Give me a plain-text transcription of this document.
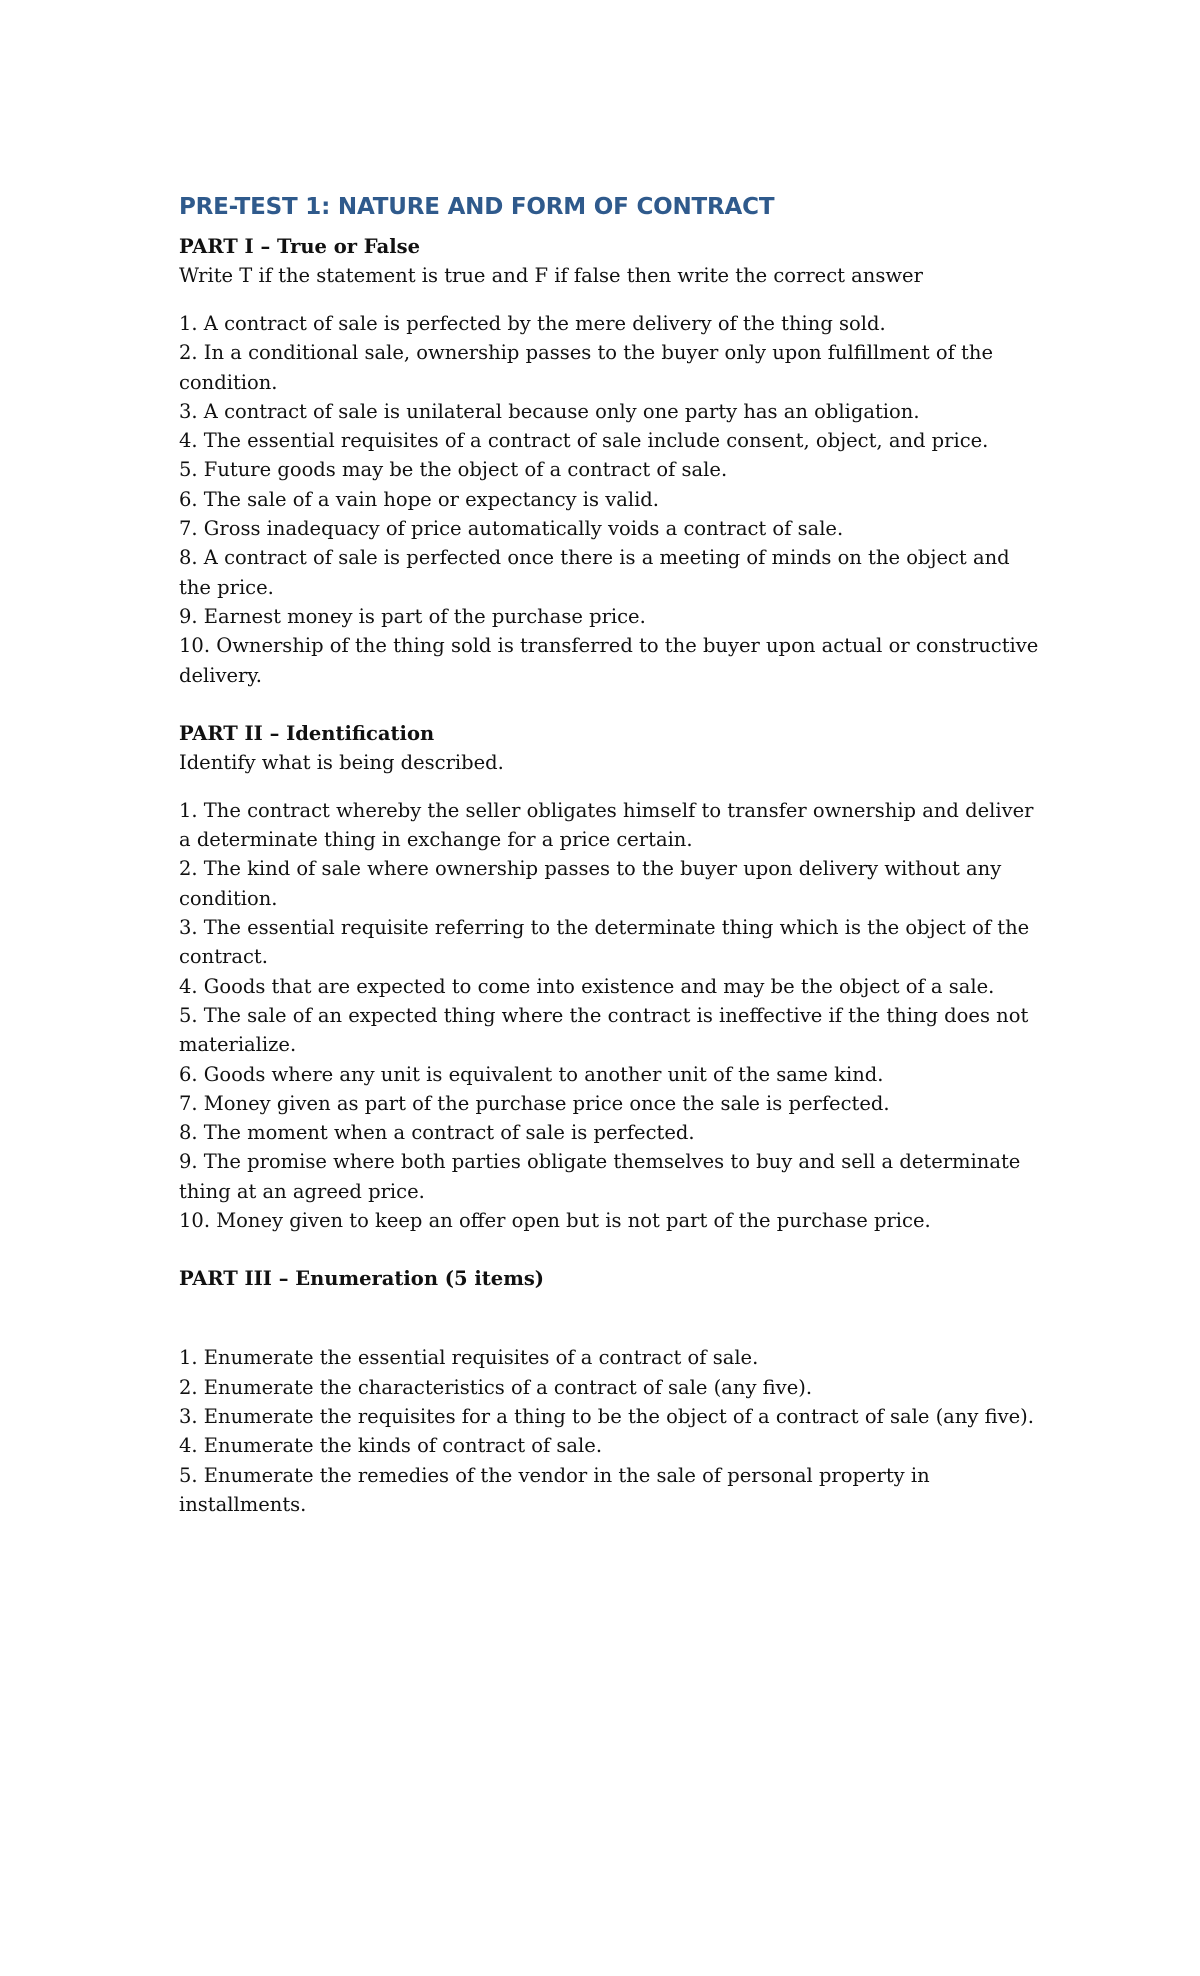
PRE-TEST 1: NATURE AND FORM OF CONTRACT

PART I – True or False

Write T if the statement is true and F if false then write the correct answer

1. A contract of sale is perfected by the mere delivery of the thing sold.
2. In a conditional sale, ownership passes to the buyer only upon fulfillment of the condition.
3. A contract of sale is unilateral because only one party has an obligation.
4. The essential requisites of a contract of sale include consent, object, and price.
5. Future goods may be the object of a contract of sale.
6. The sale of a vain hope or expectancy is valid.
7. Gross inadequacy of price automatically voids a contract of sale.
8. A contract of sale is perfected once there is a meeting of minds on the object and the price.
9. Earnest money is part of the purchase price.
10. Ownership of the thing sold is transferred to the buyer upon actual or constructive delivery.

PART II – Identification

Identify what is being described.

1. The contract whereby the seller obligates himself to transfer ownership and deliver a determinate thing in exchange for a price certain.
2. The kind of sale where ownership passes to the buyer upon delivery without any condition.
3. The essential requisite referring to the determinate thing which is the object of the contract.
4. Goods that are expected to come into existence and may be the object of a sale.
5. The sale of an expected thing where the contract is ineffective if the thing does not materialize.
6. Goods where any unit is equivalent to another unit of the same kind.
7. Money given as part of the purchase price once the sale is perfected.
8. The moment when a contract of sale is perfected.
9. The promise where both parties obligate themselves to buy and sell a determinate thing at an agreed price.
10. Money given to keep an offer open but is not part of the purchase price.

PART III – Enumeration (5 items)

1. Enumerate the essential requisites of a contract of sale.
2. Enumerate the characteristics of a contract of sale (any five).
3. Enumerate the requisites for a thing to be the object of a contract of sale (any five).
4. Enumerate the kinds of contract of sale.
5. Enumerate the remedies of the vendor in the sale of personal property in installments.
